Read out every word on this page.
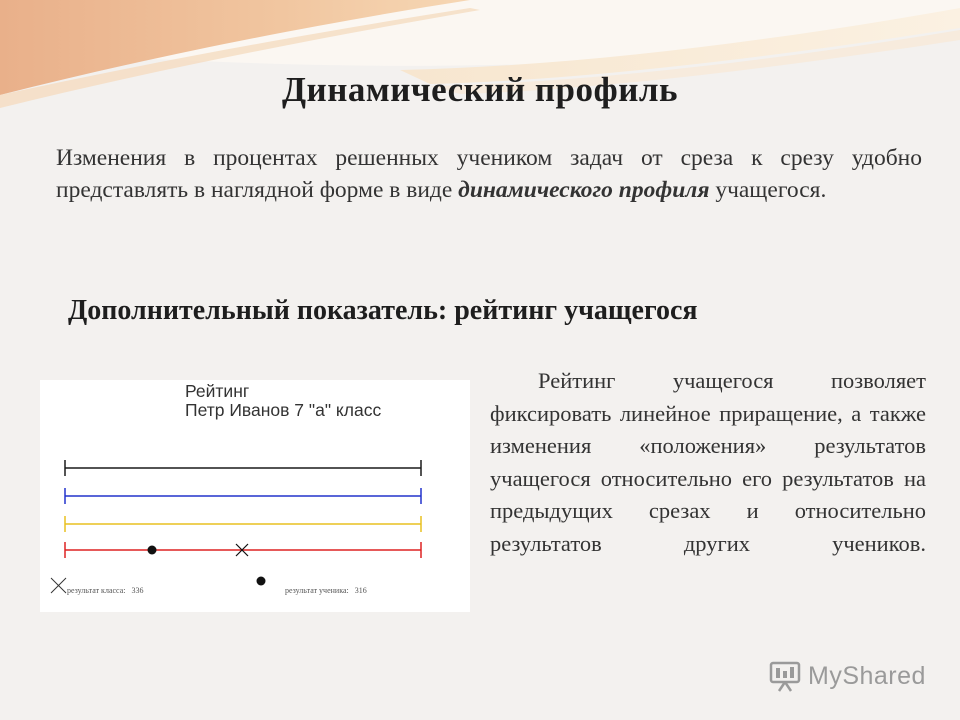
Динамический профиль
Изменения в процентах решенных учеником задач от среза к срезу удобно представлять в наглядной форме в виде динамического профиля учащегося.
Дополнительный показатель: рейтинг учащегося
Рейтинг
Петр Иванов 7 "а" класс
результат класса: 336	результат ученика: 316
Рейтинг учащегося позволяет фиксировать линейное приращение, а также изменения «положения» результатов учащегося относительно его результатов на предыдущих срезах и относительно результатов других учеников.
MyShared
